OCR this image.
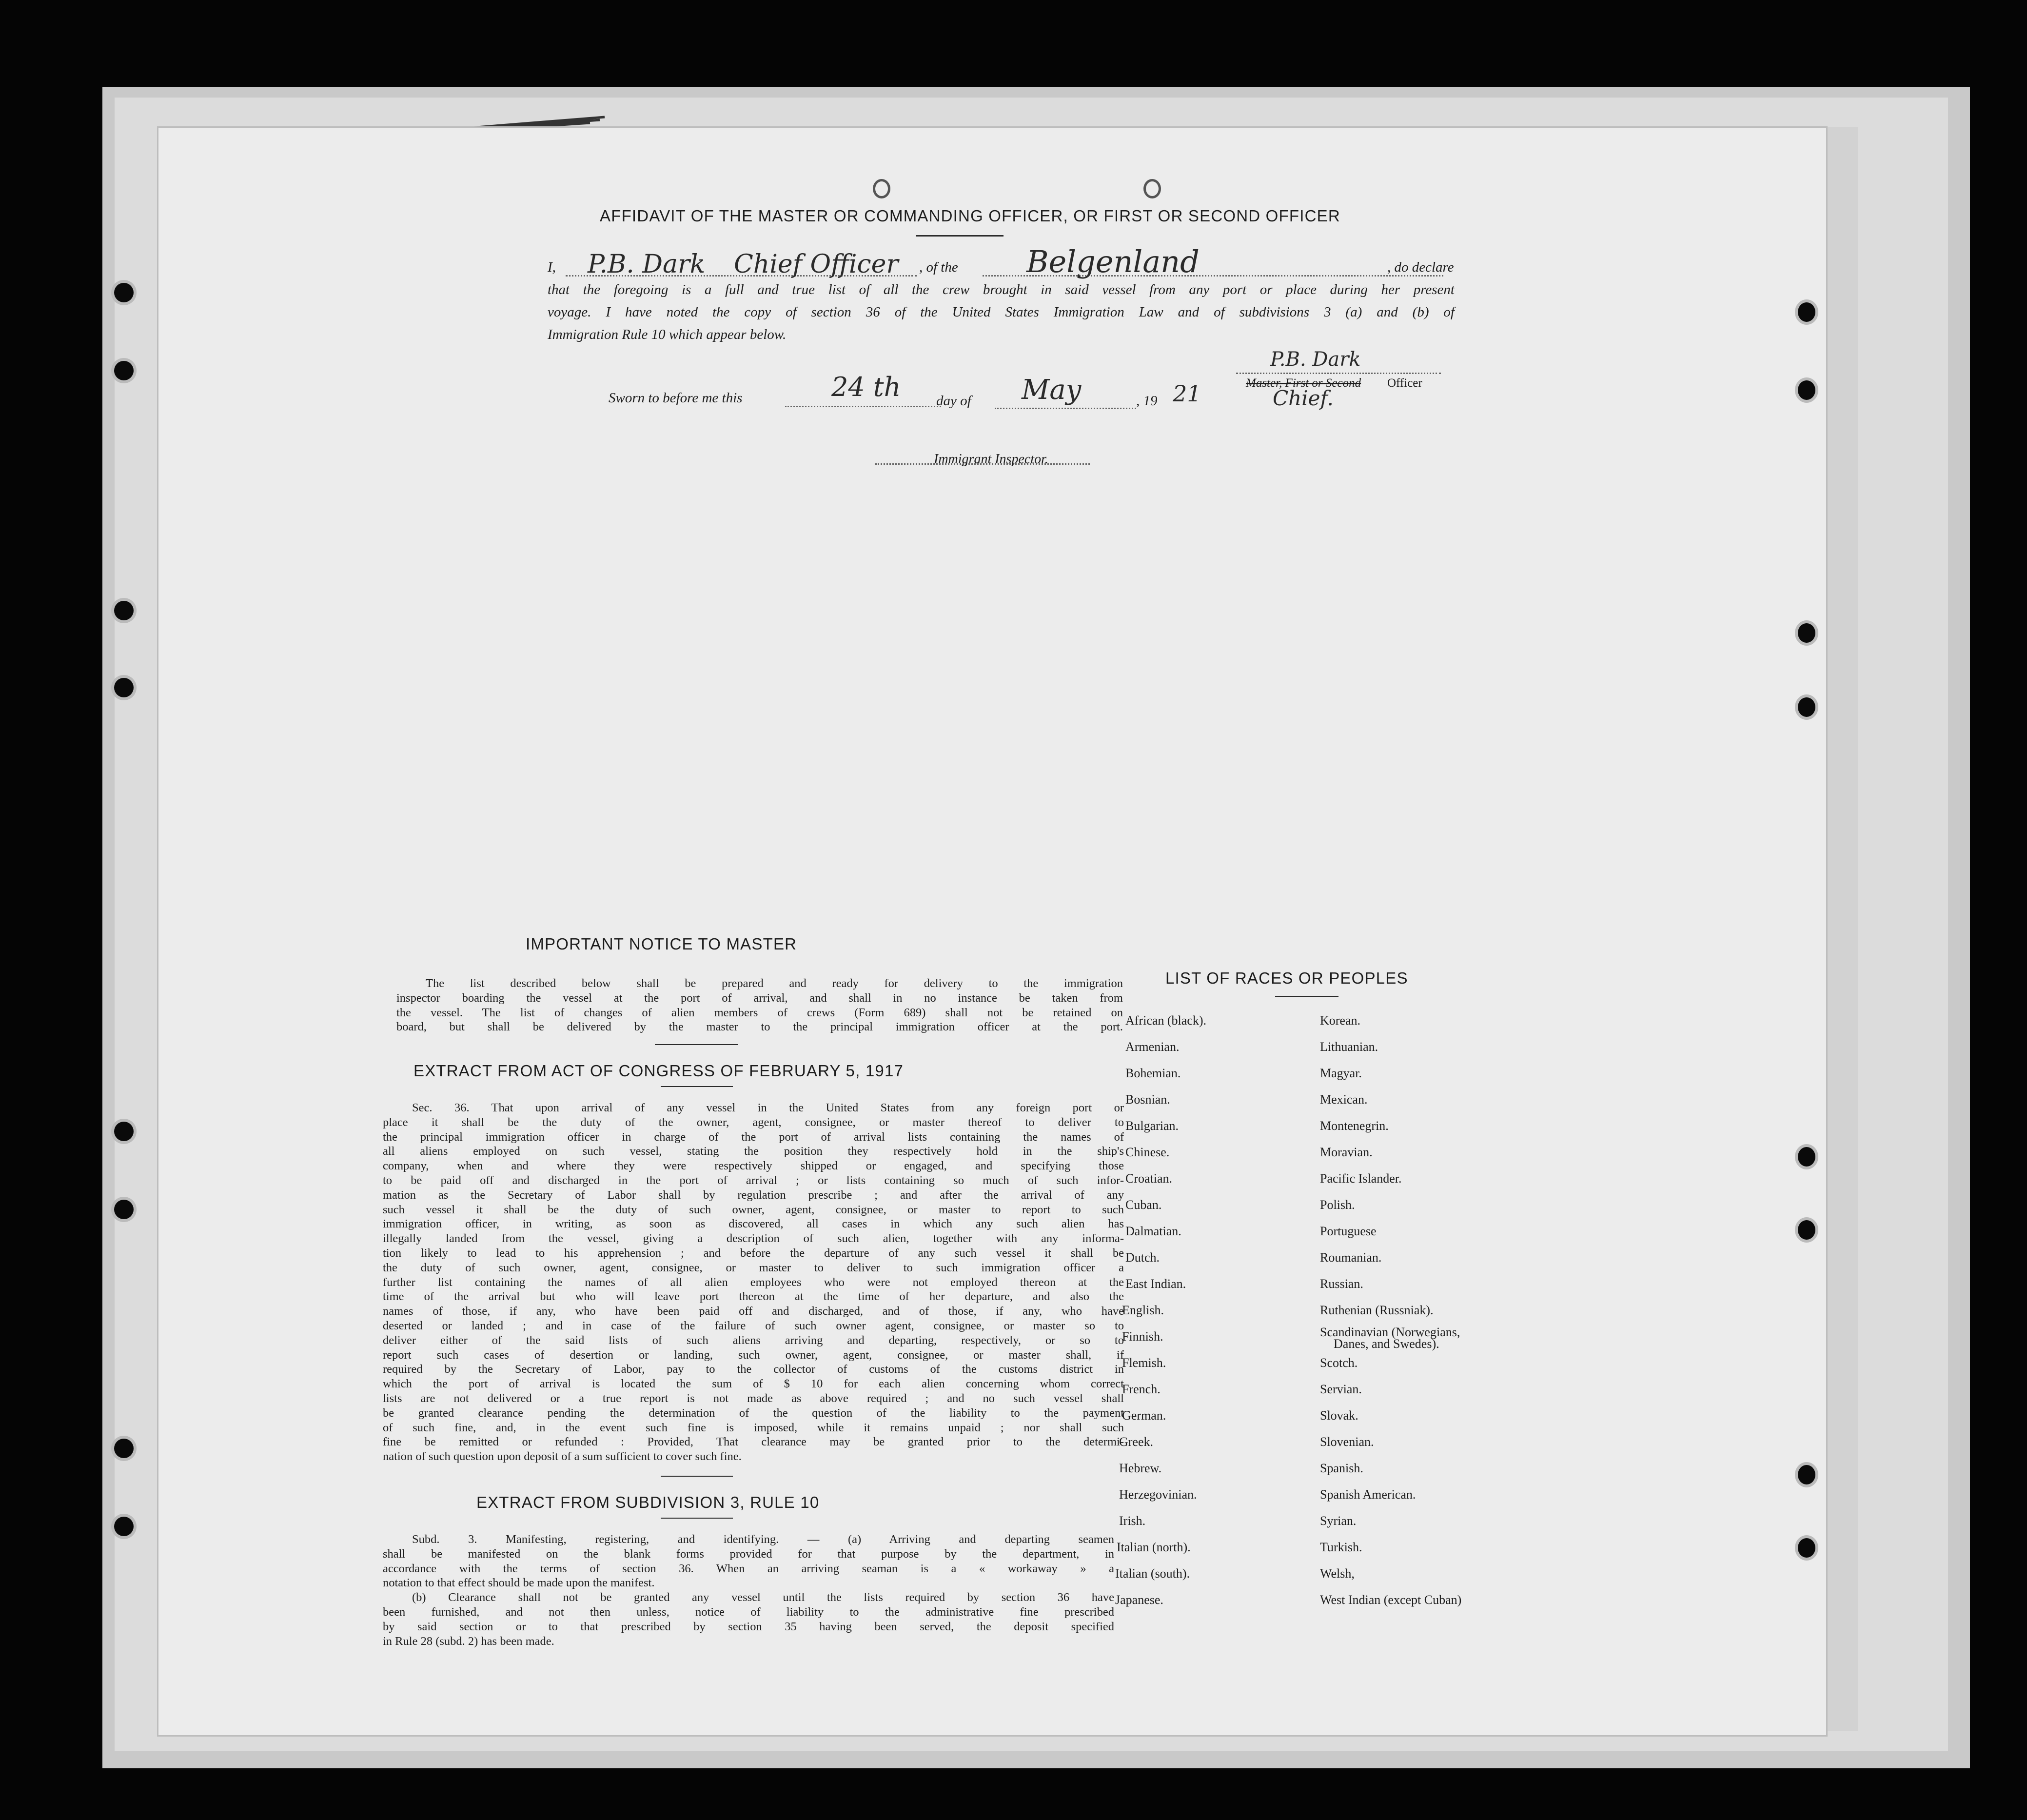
AFFIDAVIT OF THE MASTER OR COMMANDING OFFICER, OR FIRST OR SECOND OFFICER
I, P.B. Dark Chief Officer , of the Belgenland	, do declare
that the foregoing is a full and true list of all the crew brought in said vessel from any port or place during her present
voyage. I have noted the copy of section 36 of the United States Immigration Law and of subdivisions 3 (a) and (b) of
Immigration Rule 10 which appear below.
Sworn to before me this	24 th	day of May	, 19 21
P.B. Dark
Master, First or Second Officer
Chief.
Immigrant Inspector.
IMPORTANT NOTICE TO MASTER
The list described below shall be prepared and ready for delivery to the immigration
inspector boarding the vessel at the port of arrival, and shall in no instance be taken from
the vessel. The list of changes of alien members of crews (Form 689) shall not be retained on
board, but shall be delivered by the master to the principal immigration officer at the port.
EXTRACT FROM ACT OF CONGRESS OF FEBRUARY 5, 1917
Sec. 36. That upon arrival of any vessel in the United States from any foreign port or
place it shall be the duty of the owner, agent, consignee, or master thereof to deliver to
the principal immigration officer in charge of the port of arrival lists containing the names of
all aliens employed on such vessel, stating the position they respectively hold in the ship's
company, when and where they were respectively shipped or engaged, and specifying those
to be paid off and discharged in the port of arrival ; or lists containing so much of such infor-
mation as the Secretary of Labor shall by regulation prescribe ; and after the arrival of any
such vessel it shall be the duty of such owner, agent, consignee, or master to report to such
immigration officer, in writing, as soon as discovered, all cases in which any such alien has
illegally landed from the vessel, giving a description of such alien, together with any informa-
tion likely to lead to his apprehension ; and before the departure of any such vessel it shall be
the duty of such owner, agent, consignee, or master to deliver to such immigration officer a
further list containing the names of all alien employees who were not employed thereon at the
time of the arrival but who will leave port thereon at the time of her departure, and also the
names of those, if any, who have been paid off and discharged, and of those, if any, who have
deserted or landed ; and in case of the failure of such owner agent, consignee, or master so to
deliver either of the said lists of such aliens arriving and departing, respectively, or so to
report such cases of desertion or landing, such owner, agent, consignee, or master shall, if
required by the Secretary of Labor, pay to the collector of customs of the customs district in
which the port of arrival is located the sum of $ 10 for each alien concerning whom correct
lists are not delivered or a true report is not made as above required ; and no such vessel shall
be granted clearance pending the determination of the question of the liability to the payment
of such fine, and, in the event such fine is imposed, while it remains unpaid ; nor shall such
fine be remitted or refunded : Provided, That clearance may be granted prior to the determi-
nation of such question upon deposit of a sum sufficient to cover such fine.
EXTRACT FROM SUBDIVISION 3, RULE 10
Subd. 3. Manifesting, registering, and identifying. — (a) Arriving and departing seamen
shall be manifested on the blank forms provided for that purpose by the department, in
accordance with the terms of section 36. When an arriving seaman is a « workaway » a
notation to that effect should be made upon the manifest.
(b) Clearance shall not be granted any vessel until the lists required by section 36 have
been furnished, and not then unless, notice of liability to the administrative fine prescribed
by said section or to that prescribed by section 35 having been served, the deposit specified
in Rule 28 (subd. 2) has been made.
LIST OF RACES OR PEOPLES
African (black).
Armenian.
Bohemian.
Bosnian.
Bulgarian.
Chinese.
Croatian.
Cuban.
Dalmatian.
Dutch.
East Indian.
English.
Finnish.
Flemish.
French.
German.
Greek.
Hebrew.
Herzegovinian.
Irish.
Italian (north).
Italian (south).
Japanese.
Korean.
Lithuanian.
Magyar.
Mexican.
Montenegrin.
Moravian.
Pacific Islander.
Polish.
Portuguese
Roumanian.
Russian.
Ruthenian (Russniak).
Scandinavian (Norwegians,
Danes, and Swedes).
Scotch.
Servian.
Slovak.
Slovenian.
Spanish.
Spanish American.
Syrian.
Turkish.
Welsh,
West Indian (except Cuban)
